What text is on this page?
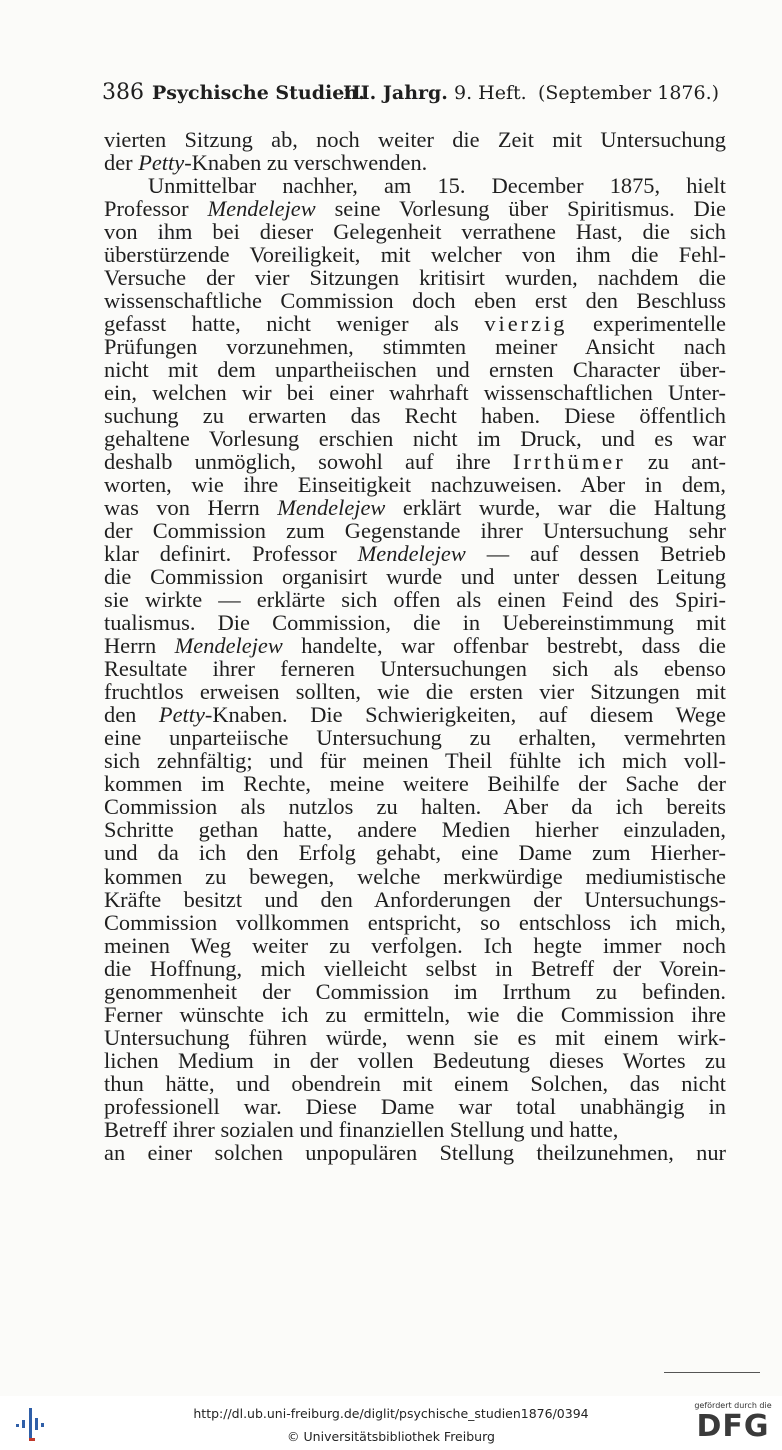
386 Psychische Studien.
III. Jahrg. 9. Heft. (September 1876.)
vierten Sitzung ab, noch weiter die Zeit mit Untersuchung
der Petty-Knaben zu verschwenden.
Unmittelbar nachher, am 15. December 1875, hielt
Professor Mendelejew seine Vorlesung über Spiritismus. Die
von ihm bei dieser Gelegenheit verrathene Hast, die sich
überstürzende Voreiligkeit, mit welcher von ihm die Fehl-
Versuche der vier Sitzungen kritisirt wurden, nachdem die
wissenschaftliche Commission doch eben erst den Beschluss
gefasst hatte, nicht weniger als vierzig experimentelle
Prüfungen vorzunehmen, stimmten meiner Ansicht nach
nicht mit dem unpartheiischen und ernsten Character über-
ein, welchen wir bei einer wahrhaft wissenschaftlichen Unter-
suchung zu erwarten das Recht haben. Diese öffentlich
gehaltene Vorlesung erschien nicht im Druck, und es war
deshalb unmöglich, sowohl auf ihre Irrthümer zu ant-
worten, wie ihre Einseitigkeit nachzuweisen. Aber in dem,
was von Herrn Mendelejew erklärt wurde, war die Haltung
der Commission zum Gegenstande ihrer Untersuchung sehr
klar definirt. Professor Mendelejew — auf dessen Betrieb
die Commission organisirt wurde und unter dessen Leitung
sie wirkte — erklärte sich offen als einen Feind des Spiri-
tualismus. Die Commission, die in Uebereinstimmung mit
Herrn Mendelejew handelte, war offenbar bestrebt, dass die
Resultate ihrer ferneren Untersuchungen sich als ebenso
fruchtlos erweisen sollten, wie die ersten vier Sitzungen mit
den Petty-Knaben. Die Schwierigkeiten, auf diesem Wege
eine unparteiische Untersuchung zu erhalten, vermehrten
sich zehnfältig; und für meinen Theil fühlte ich mich voll-
kommen im Rechte, meine weitere Beihilfe der Sache der
Commission als nutzlos zu halten. Aber da ich bereits
Schritte gethan hatte, andere Medien hierher einzuladen,
und da ich den Erfolg gehabt, eine Dame zum Hierher-
kommen zu bewegen, welche merkwürdige mediumistische
Kräfte besitzt und den Anforderungen der Untersuchungs-
Commission vollkommen entspricht, so entschloss ich mich,
meinen Weg weiter zu verfolgen. Ich hegte immer noch
die Hoffnung, mich vielleicht selbst in Betreff der Vorein-
genommenheit der Commission im Irrthum zu befinden.
Ferner wünschte ich zu ermitteln, wie die Commission ihre
Untersuchung führen würde, wenn sie es mit einem wirk-
lichen Medium in der vollen Bedeutung dieses Wortes zu
thun hätte, und obendrein mit einem Solchen, das nicht
professionell war. Diese Dame war total unabhängig in
Betreff ihrer sozialen und finanziellen Stellung und hatte,
an einer solchen unpopulären Stellung theilzunehmen, nur
http://dl.ub.uni-freiburg.de/diglit/psychische_studien1876/0394
© Universitätsbibliothek Freiburg
gefördert durch die
DFG
